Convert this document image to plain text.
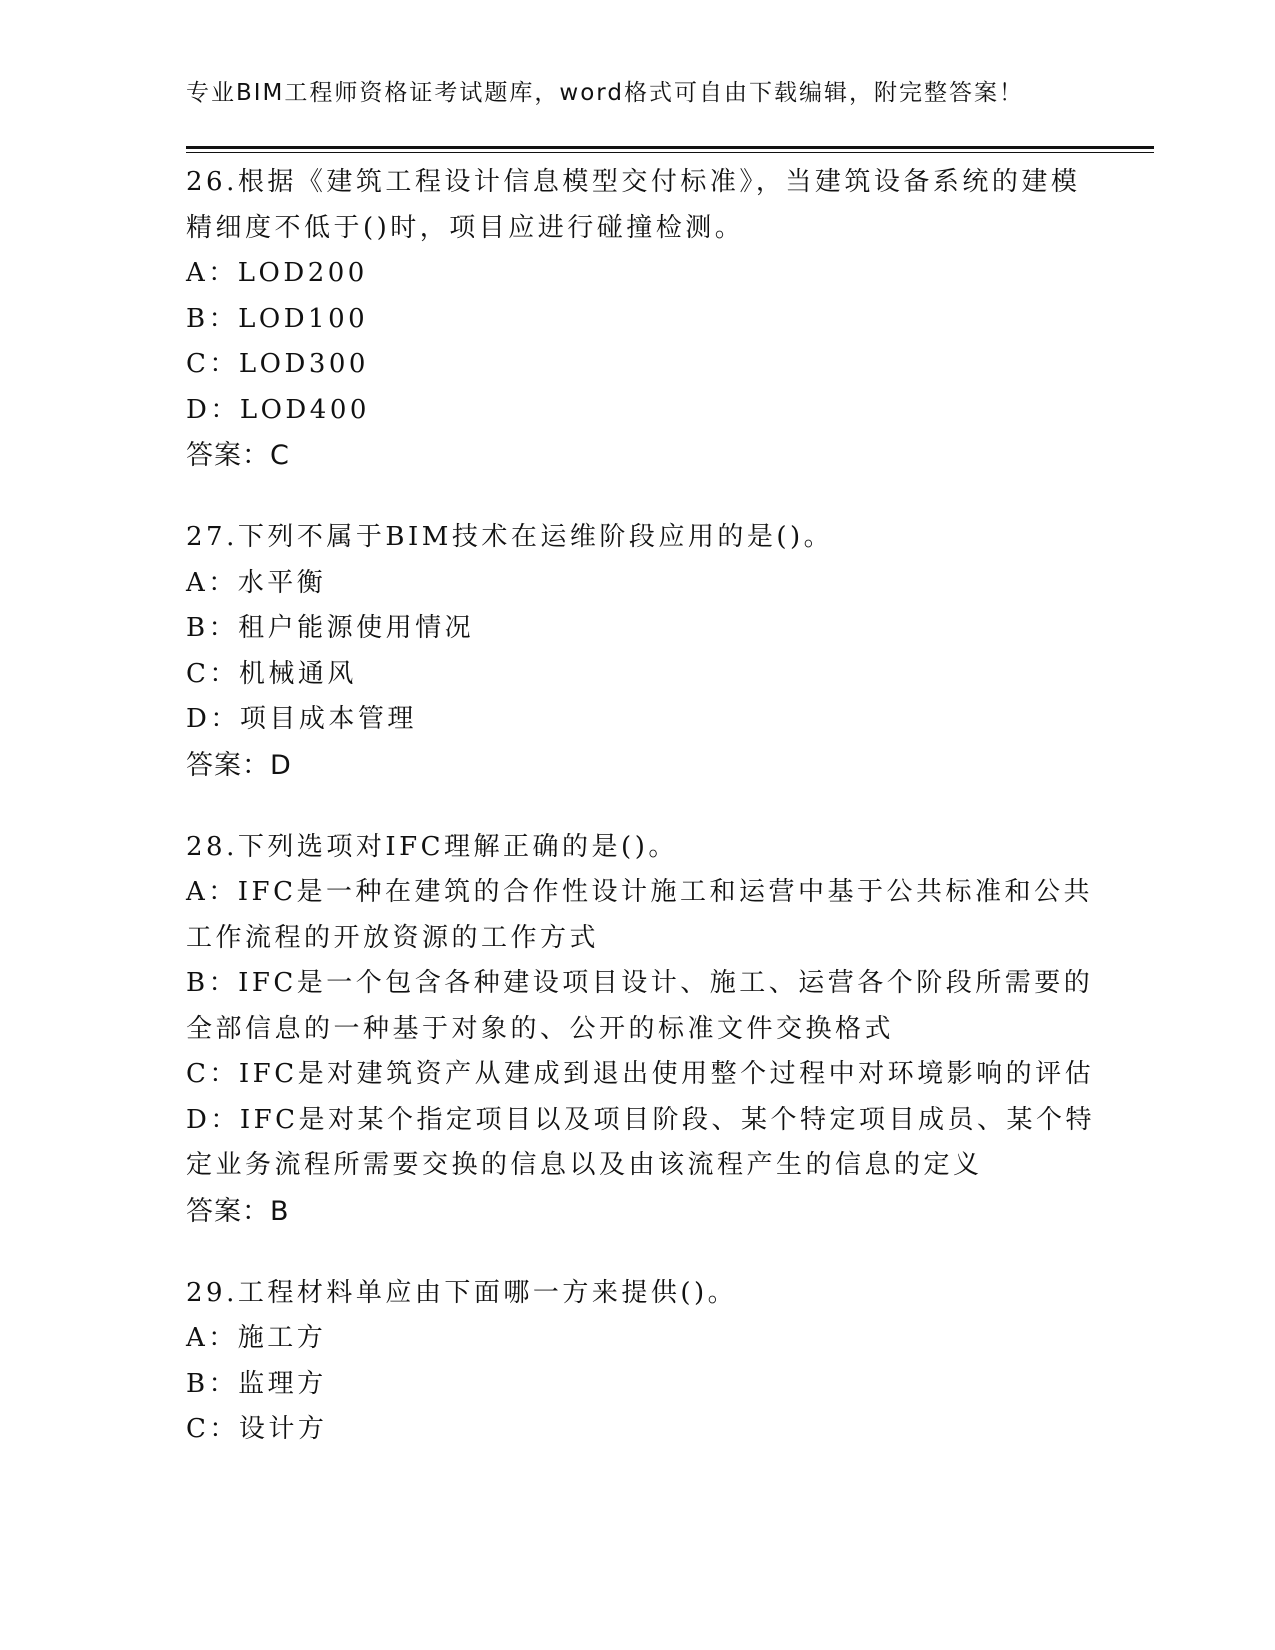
专业BIM工程师资格证考试题库，word格式可自由下载编辑，附完整答案！

26.根据《建筑工程设计信息模型交付标准》，当建筑设备系统的建模

精细度不低于()时，项目应进行碰撞检测。

A：LOD200

B：LOD100

C：LOD300

D：LOD400

答案：C

27.下列不属于BIM技术在运维阶段应用的是()。

A：水平衡

B：租户能源使用情况

C：机械通风

D：项目成本管理

答案：D

28.下列选项对IFC理解正确的是()。

A：IFC是一种在建筑的合作性设计施工和运营中基于公共标准和公共

工作流程的开放资源的工作方式

B：IFC是一个包含各种建设项目设计、施工、运营各个阶段所需要的

全部信息的一种基于对象的、公开的标准文件交换格式

C：IFC是对建筑资产从建成到退出使用整个过程中对环境影响的评估

D：IFC是对某个指定项目以及项目阶段、某个特定项目成员、某个特

定业务流程所需要交换的信息以及由该流程产生的信息的定义

答案：B

29.工程材料单应由下面哪一方来提供()。

A：施工方

B：监理方

C：设计方
